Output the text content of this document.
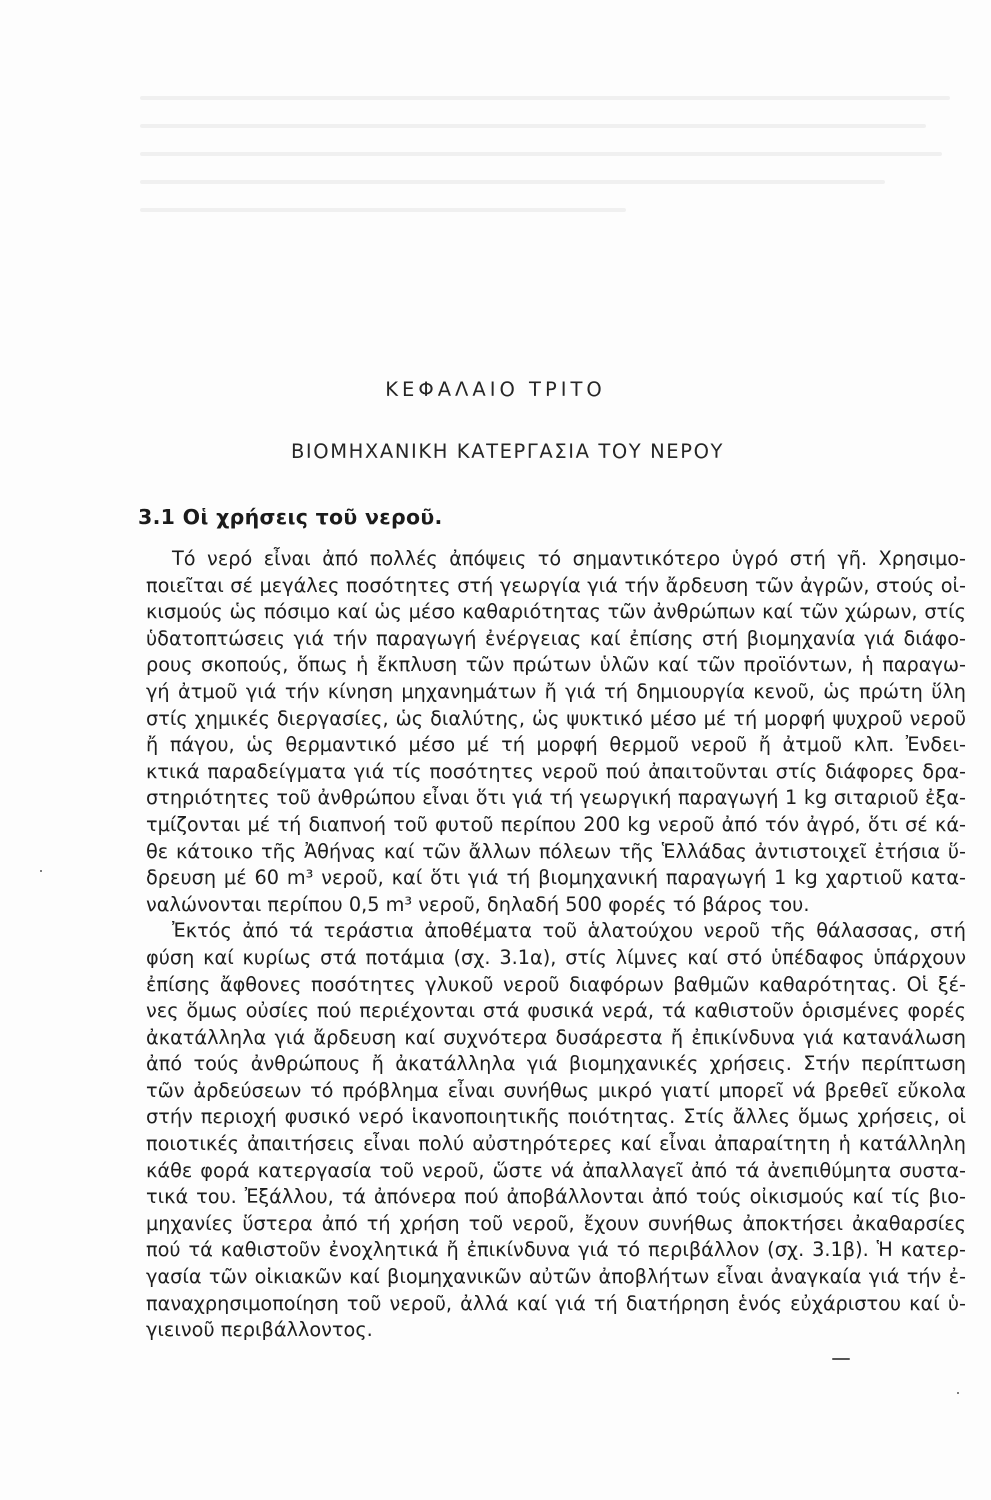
ΚΕΦΑΛΑΙΟ ΤΡΙΤΟ
ΒΙΟΜΗΧΑΝΙΚΗ ΚΑΤΕΡΓΑΣΙΑ ΤΟΥ ΝΕΡΟΥ
3.1 Οἱ χρήσεις τοῦ νεροῦ.
Τό νερό εἶναι ἀπό πολλές ἀπόψεις τό σημαντικότερο ὑγρό στή γῆ. Χρησιμο-
ποιεῖται σέ μεγάλες ποσότητες στή γεωργία γιά τήν ἄρδευση τῶν ἀγρῶν, στούς οἰ-
κισμούς ὡς πόσιμο καί ὡς μέσο καθαριότητας τῶν ἀνθρώπων καί τῶν χώρων, στίς
ὑδατοπτώσεις γιά τήν παραγωγή ἐνέργειας καί ἐπίσης στή βιομηχανία γιά διάφο-
ρους σκοπούς, ὅπως ἡ ἔκπλυση τῶν πρώτων ὑλῶν καί τῶν προϊόντων, ἡ παραγω-
γή ἀτμοῦ γιά τήν κίνηση μηχανημάτων ἤ γιά τή δημιουργία κενοῦ, ὡς πρώτη ὕλη
στίς χημικές διεργασίες, ὡς διαλύτης, ὡς ψυκτικό μέσο μέ τή μορφή ψυχροῦ νεροῦ
ἤ πάγου, ὡς θερμαντικό μέσο μέ τή μορφή θερμοῦ νεροῦ ἤ ἀτμοῦ κλπ. Ἐνδει-
κτικά παραδείγματα γιά τίς ποσότητες νεροῦ πού ἀπαιτοῦνται στίς διάφορες δρα-
στηριότητες τοῦ ἀνθρώπου εἶναι ὅτι γιά τή γεωργική παραγωγή 1 kg σιταριοῦ ἐξα-
τμίζονται μέ τή διαπνοή τοῦ φυτοῦ περίπου 200 kg νεροῦ ἀπό τόν ἀγρό, ὅτι σέ κά-
θε κάτοικο τῆς Ἀθήνας καί τῶν ἄλλων πόλεων τῆς Ἑλλάδας ἀντιστοιχεῖ ἐτήσια ὕ-
δρευση μέ 60 m³ νεροῦ, καί ὅτι γιά τή βιομηχανική παραγωγή 1 kg χαρτιοῦ κατα-
ναλώνονται περίπου 0,5 m³ νεροῦ, δηλαδή 500 φορές τό βάρος του.
Ἐκτός ἀπό τά τεράστια ἀποθέματα τοῦ ἁλατούχου νεροῦ τῆς θάλασσας, στή
φύση καί κυρίως στά ποτάμια (σχ. 3.1α), στίς λίμνες καί στό ὑπέδαφος ὑπάρχουν
ἐπίσης ἄφθονες ποσότητες γλυκοῦ νεροῦ διαφόρων βαθμῶν καθαρότητας. Οἱ ξέ-
νες ὅμως οὐσίες πού περιέχονται στά φυσικά νερά, τά καθιστοῦν ὁρισμένες φορές
ἀκατάλληλα γιά ἄρδευση καί συχνότερα δυσάρεστα ἤ ἐπικίνδυνα γιά κατανάλωση
ἀπό τούς ἀνθρώπους ἤ ἀκατάλληλα γιά βιομηχανικές χρήσεις. Στήν περίπτωση
τῶν ἀρδεύσεων τό πρόβλημα εἶναι συνήθως μικρό γιατί μπορεῖ νά βρεθεῖ εὔκολα
στήν περιοχή φυσικό νερό ἱκανοποιητικῆς ποιότητας. Στίς ἄλλες ὅμως χρήσεις, οἱ
ποιοτικές ἀπαιτήσεις εἶναι πολύ αὐστηρότερες καί εἶναι ἀπαραίτητη ἡ κατάλληλη
κάθε φορά κατεργασία τοῦ νεροῦ, ὥστε νά ἀπαλλαγεῖ ἀπό τά ἀνεπιθύμητα συστα-
τικά του. Ἐξάλλου, τά ἀπόνερα πού ἀποβάλλονται ἀπό τούς οἰκισμούς καί τίς βιο-
μηχανίες ὕστερα ἀπό τή χρήση τοῦ νεροῦ, ἔχουν συνήθως ἀποκτήσει ἀκαθαρσίες
πού τά καθιστοῦν ἐνοχλητικά ἤ ἐπικίνδυνα γιά τό περιβάλλον (σχ. 3.1β). Ἡ κατερ-
γασία τῶν οἰκιακῶν καί βιομηχανικῶν αὐτῶν ἀποβλήτων εἶναι ἀναγκαία γιά τήν ἐ-
παναχρησιμοποίηση τοῦ νεροῦ, ἀλλά καί γιά τή διατήρηση ἑνός εὐχάριστου καί ὑ-
γιεινοῦ περιβάλλοντος.
